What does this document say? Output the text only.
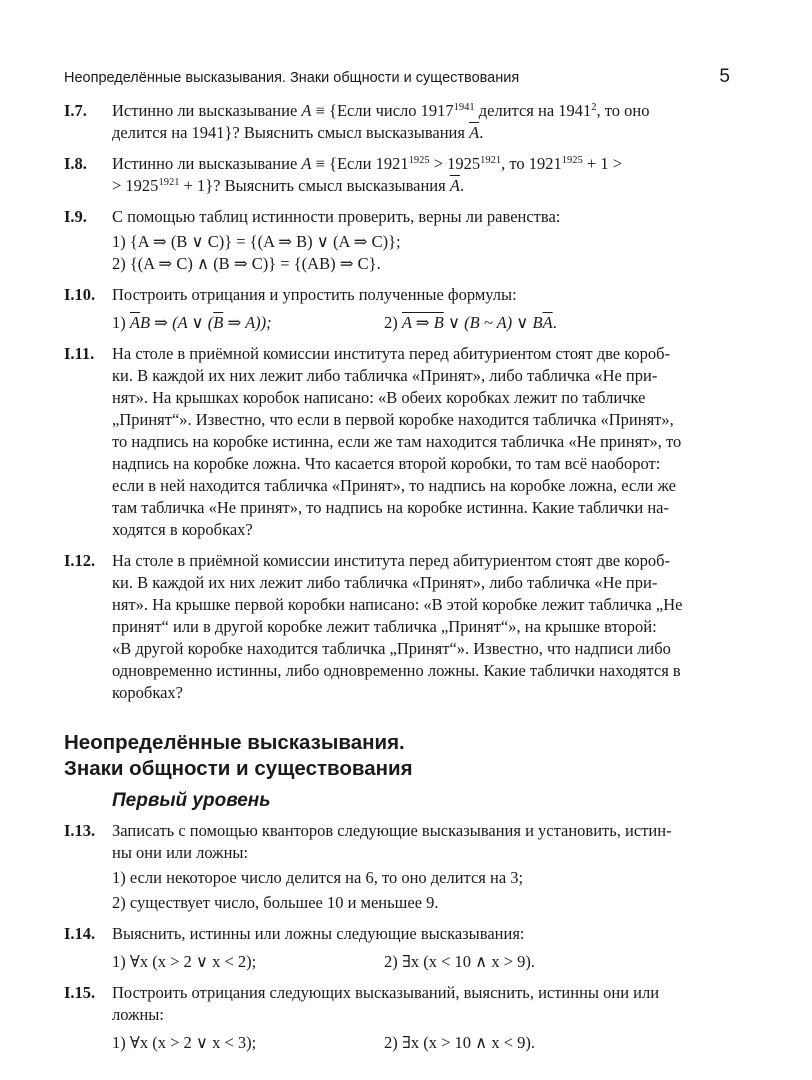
Неопределённые высказывания. Знаки общности и существования	5
I.7.	Истинно ли высказывание A ≡ {Если число $1917^{1941}$ делится на 1941$^2$, то оно
делится на 1941}? Выяснить смысл высказывания $\overline{A}$.
I.8.	Истинно ли высказывание A ≡ {Если $1921^{1925} > 1925^{1921}$, то $1921^{1925} + 1$ >
> $1925^{1921} + 1$}? Выяснить смысл высказывания $\overline{A}$.
I.9.	С помощью таблиц истинности проверить, верны ли равенства:
1) {A ⇒ (B ∨ C)} = {(A ⇒ B) ∨ (A ⇒ C)};
2) {(A ⇒ C) ∧ (B ⇒ C)} = {(AB) ⇒ C}.
I.10.	Построить отрицания и упростить полученные формулы:
1) $\overline{A}B$ ⇒ (A ∨ ($\overline{B}$ ⇒ A));	2) A ⇒ B ∨ (B ~ A) ∨ $B\overline{A}$.
I.11.	На столе в приёмной комиссии института перед абитуриентом стоят две короб-
ки. В каждой их них лежит либо табличка «Принят», либо табличка «Не при-
нят». На крышках коробок написано: «В обеих коробках лежит по табличке
„Принят“». Известно, что если в первой коробке находится табличка «Принят»,
то надпись на коробке истинна, если же там находится табличка «Не принят», то
надпись на коробке ложна. Что касается второй коробки, то там всё наоборот:
если в ней находится табличка «Принят», то надпись на коробке ложна, если же
там табличка «Не принят», то надпись на коробке истинна. Какие таблички на-
ходятся в коробках?
I.12.	На столе в приёмной комиссии института перед абитуриентом стоят две короб-
ки. В каждой их них лежит либо табличка «Принят», либо табличка «Не при-
нят». На крышке первой коробки написано: «В этой коробке лежит табличка „Не
принят“ или в другой коробке лежит табличка „Принят“», на крышке второй:
«В другой коробке находится табличка „Принят“». Известно, что надписи либо
одновременно истинны, либо одновременно ложны. Какие таблички находятся в
коробках?
Неопределённые высказывания.
Знаки общности и существования
Первый уровень
I.13.	Записать с помощью кванторов следующие высказывания и установить, истин-
ны они или ложны:
1) если некоторое число делится на 6, то оно делится на 3;
2) существует число, большее 10 и меньшее 9.
I.14.	Выяснить, истинны или ложны следующие высказывания:
1) ∀x (x > 2 ∨ x < 2);	2) ∃x (x < 10 ∧ x > 9).
I.15.	Построить отрицания следующих высказываний, выяснить, истинны они или
ложны:
1) ∀x (x > 2 ∨ x < 3);	2) ∃x (x > 10 ∧ x < 9).
